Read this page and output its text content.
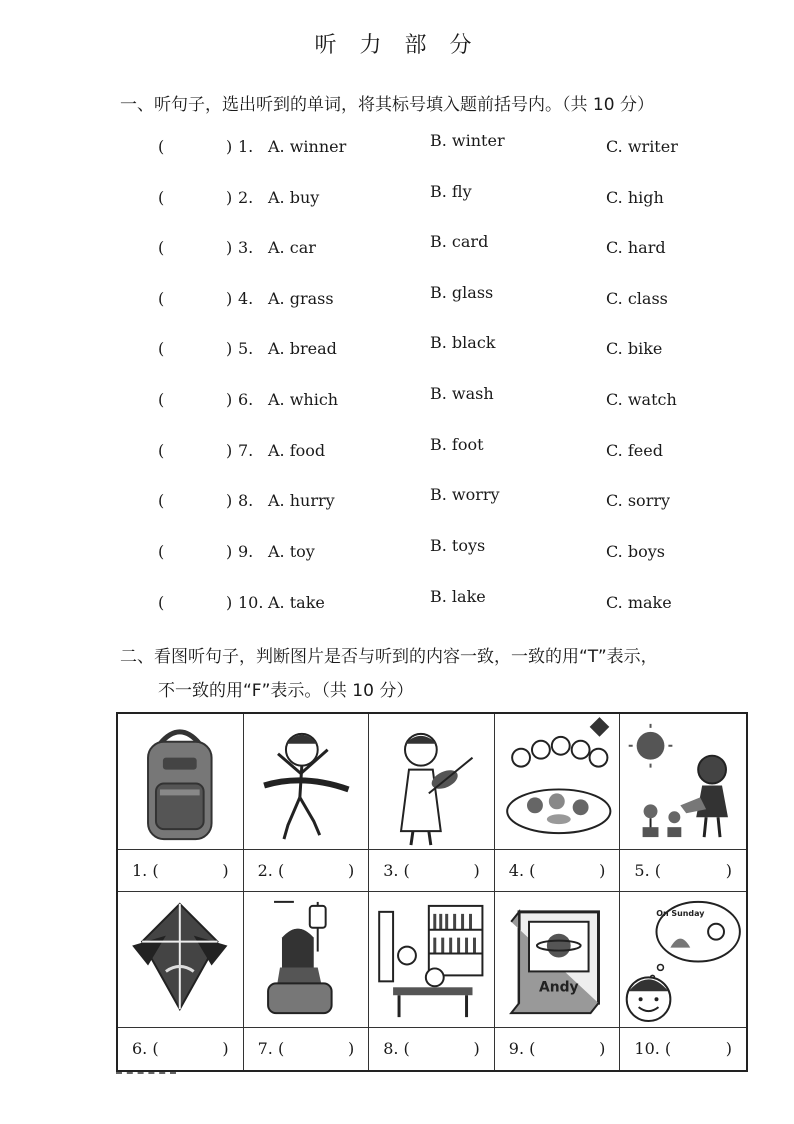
听 力 部 分
一、听句子，选出听到的单词，将其标号填入题前括号内。（共 10 分）
(	) 1. A. winner	B. winter	C. writer
(	) 2. A. buy	B. fly	C. high
(	) 3. A. car	B. card	C. hard
(	) 4. A. grass	B. glass	C. class
(	) 5. A. bread	B. black	C. bike
(	) 6. A. which	B. wash	C. watch
(	) 7. A. food	B. foot	C. feed
(	) 8. A. hurry	B. worry	C. sorry
(	) 9. A. toy	B. toys	C. boys
(	) 10. A. take	B. lake	C. make
二、看图听句子，判断图片是否与听到的内容一致，一致的用“T”表示，
不一致的用“F”表示。（共 10 分）
1. (	)	2. (	)	3. (	)	4. (	)	5. (	)
Andy
On Sunday
6. (	)	7. (	)	8. (	)	9. (	)	10. (	)
